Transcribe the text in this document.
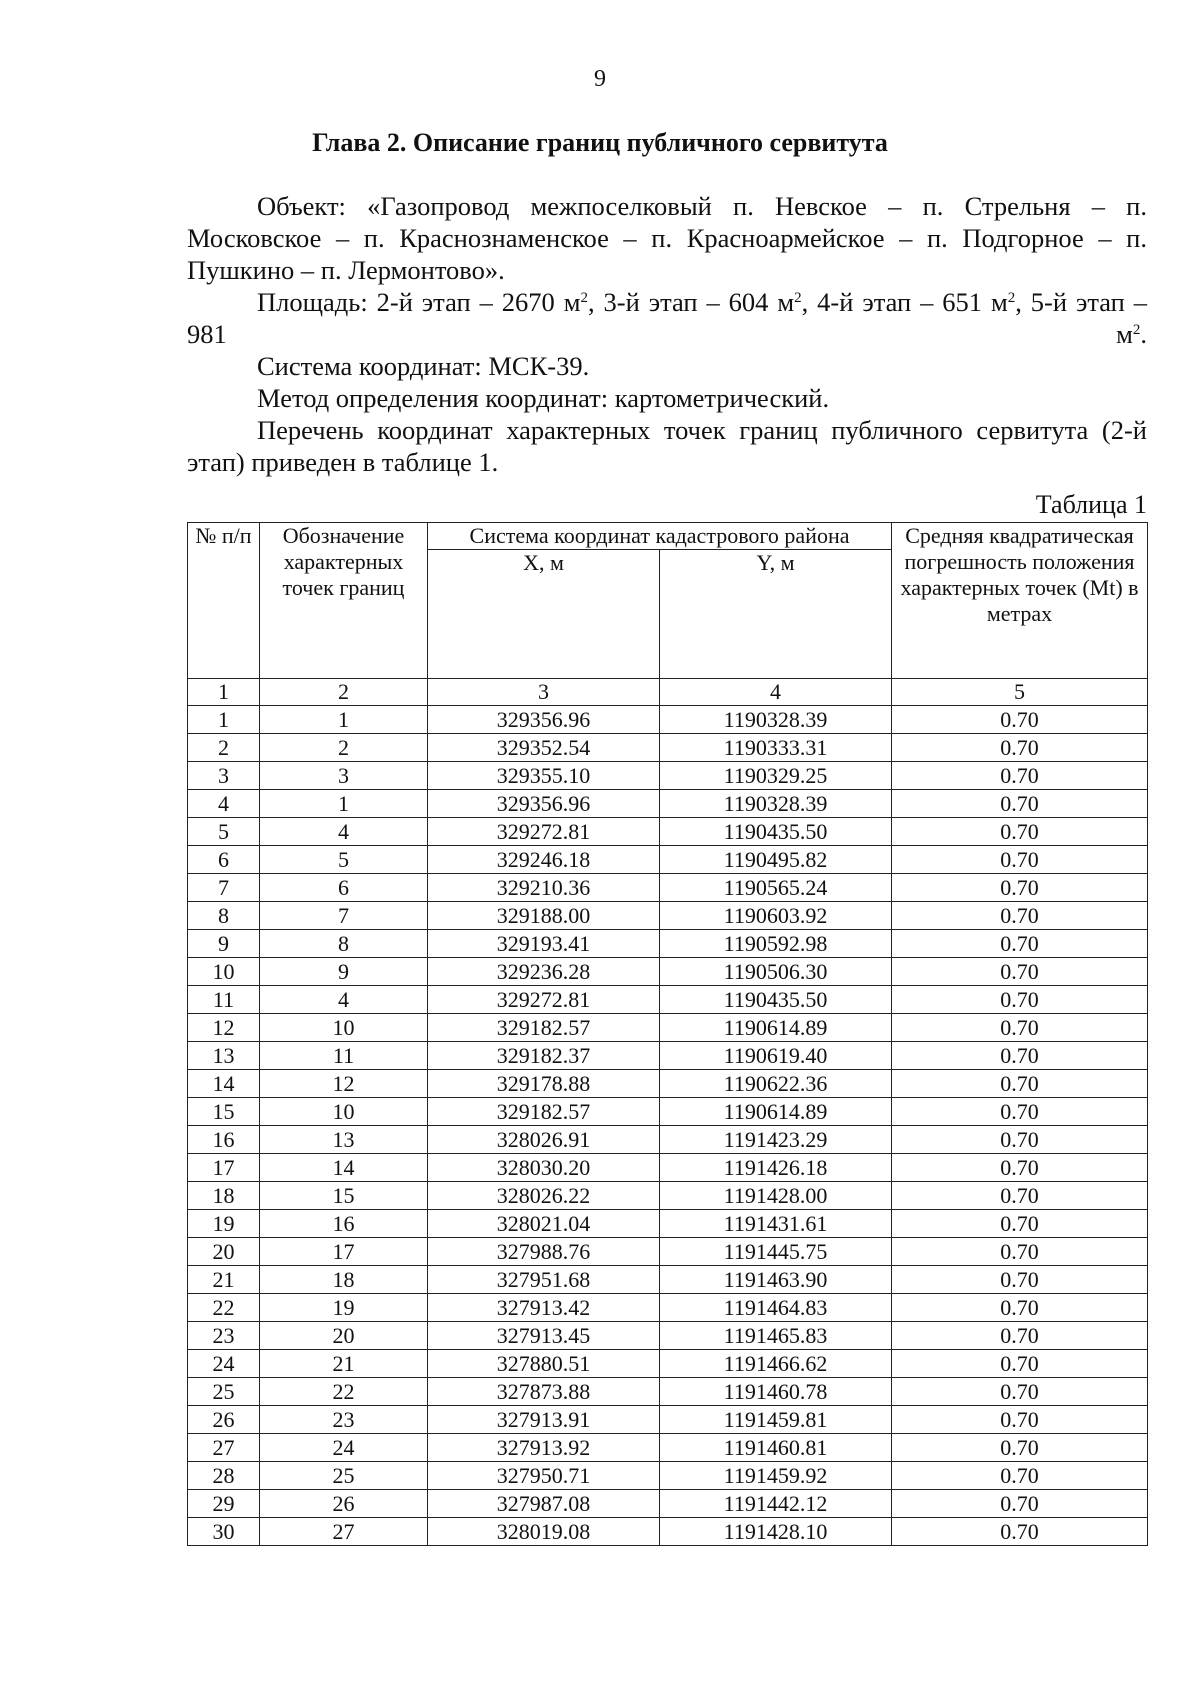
9
Глава 2. Описание границ публичного сервитута

Объект: «Газопровод межпоселковый п. Невское – п. Стрельня – п. Московское – п. Краснознаменское – п. Красноармейское – п. Подгорное – п. Пушкино – п. Лермонтово».

Площадь: 2-й этап – 2670 $м^2$, 3-й этап – 604 $м^2$, 4-й этап – 651 $м^2$, 5-й этап – 981 $м^2$.

Система координат: МСК-39.

Метод определения координат: картометрический.

Перечень координат характерных точек границ публичного сервитута (2-й этап) приведен в таблице 1.

Таблица 1
№ п/п	Обозначение характерных точек границ	Система координат кадастрового района		Средняя квадратическая погрешность положения характерных точек (Mt) в метрах
		X, м	Y, м	
1	2	3	4	5
1	1	329356.96	1190328.39	0.70
2	2	329352.54	1190333.31	0.70
3	3	329355.10	1190329.25	0.70
4	1	329356.96	1190328.39	0.70
5	4	329272.81	1190435.50	0.70
6	5	329246.18	1190495.82	0.70
7	6	329210.36	1190565.24	0.70
8	7	329188.00	1190603.92	0.70
9	8	329193.41	1190592.98	0.70
10	9	329236.28	1190506.30	0.70
11	4	329272.81	1190435.50	0.70
12	10	329182.57	1190614.89	0.70
13	11	329182.37	1190619.40	0.70
14	12	329178.88	1190622.36	0.70
15	10	329182.57	1190614.89	0.70
16	13	328026.91	1191423.29	0.70
17	14	328030.20	1191426.18	0.70
18	15	328026.22	1191428.00	0.70
19	16	328021.04	1191431.61	0.70
20	17	327988.76	1191445.75	0.70
21	18	327951.68	1191463.90	0.70
22	19	327913.42	1191464.83	0.70
23	20	327913.45	1191465.83	0.70
24	21	327880.51	1191466.62	0.70
25	22	327873.88	1191460.78	0.70
26	23	327913.91	1191459.81	0.70
27	24	327913.92	1191460.81	0.70
28	25	327950.71	1191459.92	0.70
29	26	327987.08	1191442.12	0.70
30	27	328019.08	1191428.10	0.70
